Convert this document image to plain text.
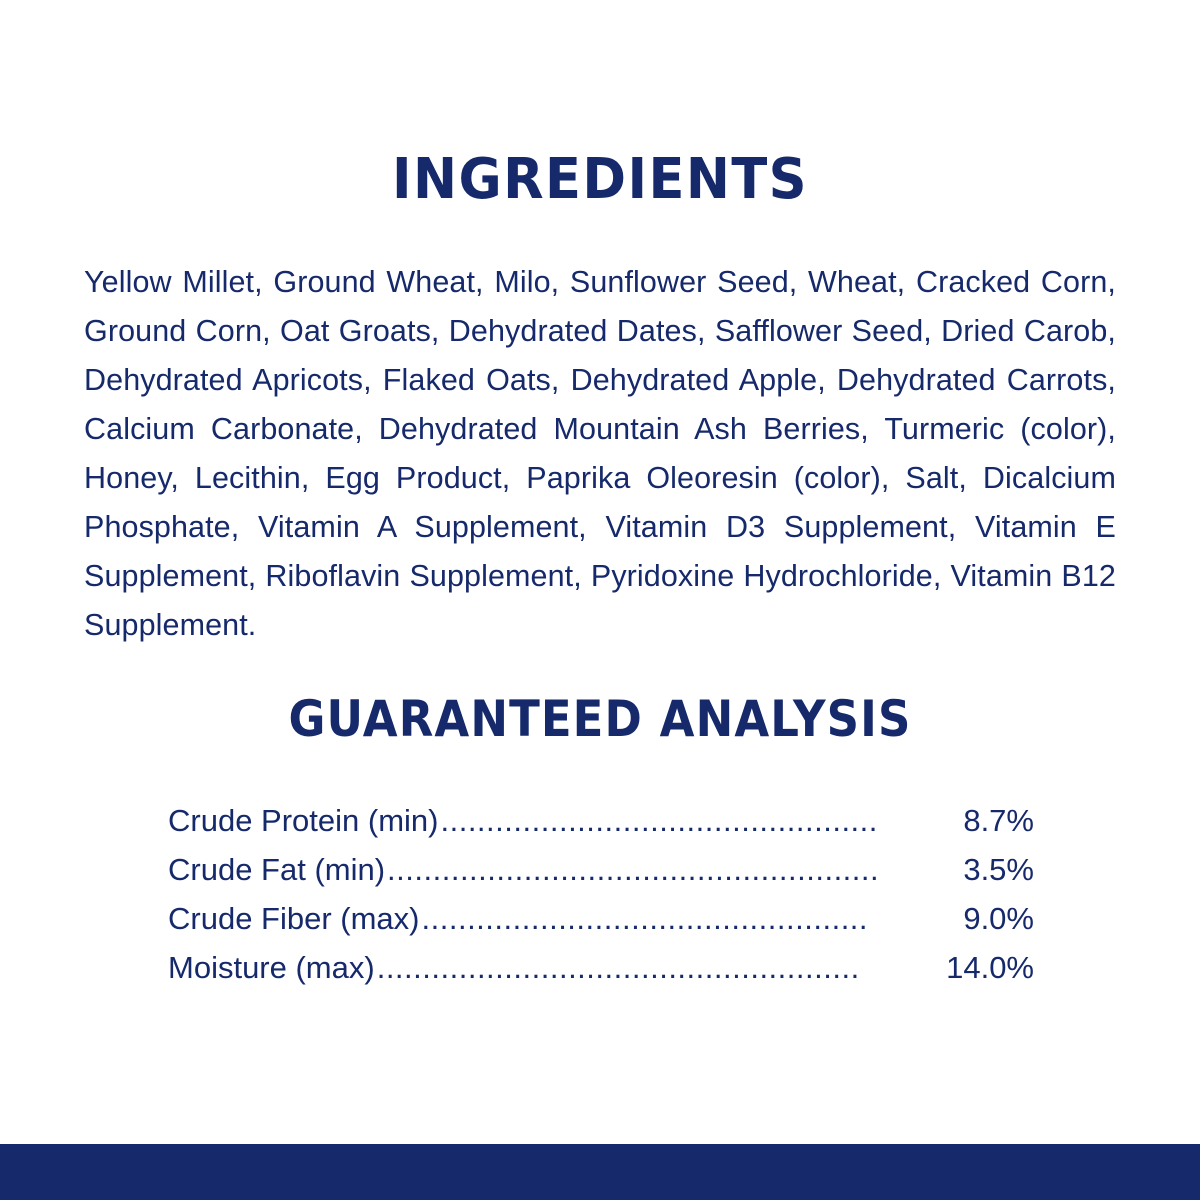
INGREDIENTS
Yellow Millet, Ground Wheat, Milo, Sunflower Seed, Wheat, Cracked Corn, Ground Corn, Oat Groats, Dehydrated Dates, Safflower Seed, Dried Carob, Dehydrated Apricots, Flaked Oats, Dehydrated Apple, Dehydrated Carrots, Calcium Carbonate, Dehydrated Mountain Ash Berries, Turmeric (color), Honey, Lecithin, Egg Product, Paprika Oleoresin (color), Salt, Dicalcium Phosphate, Vitamin A Supplement, Vitamin D3 Supplement, Vitamin E Supplement, Riboflavin Supplement, Pyridoxine Hydrochloride, Vitamin B12 Supplement.
GUARANTEED ANALYSIS
Crude Protein (min) ................................................	8.7%
Crude Fat (min) ......................................................	3.5%
Crude Fiber (max) .................................................	9.0%
Moisture (max) .....................................................	14.0%
